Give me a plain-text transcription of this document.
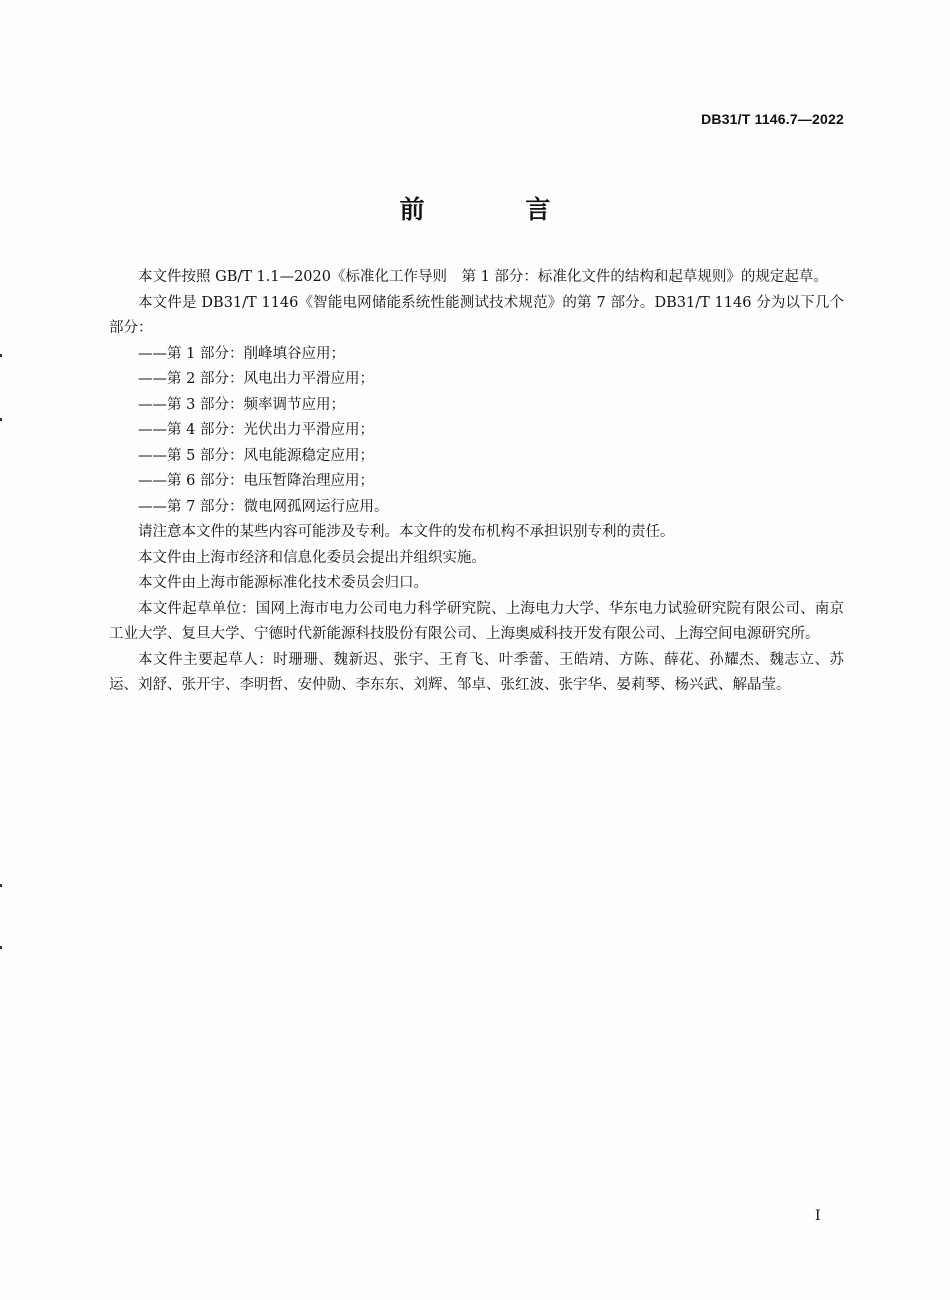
DB31/T 1146.7—2022
前 言

本文件按照 GB/T 1.1—2020《标准化工作导则　第 1 部分：标准化文件的结构和起草规则》的规定起草。

本文件是 DB31/T 1146《智能电网储能系统性能测试技术规范》的第 7 部分。DB31/T 1146 分为以下几个部分：

——第 1 部分：削峰填谷应用；

——第 2 部分：风电出力平滑应用；

——第 3 部分：频率调节应用；

——第 4 部分：光伏出力平滑应用；

——第 5 部分：风电能源稳定应用；

——第 6 部分：电压暂降治理应用；

——第 7 部分：微电网孤网运行应用。

请注意本文件的某些内容可能涉及专利。本文件的发布机构不承担识别专利的责任。

本文件由上海市经济和信息化委员会提出并组织实施。

本文件由上海市能源标准化技术委员会归口。

本文件起草单位：国网上海市电力公司电力科学研究院、上海电力大学、华东电力试验研究院有限公司、南京工业大学、复旦大学、宁德时代新能源科技股份有限公司、上海奥威科技开发有限公司、上海空间电源研究所。

本文件主要起草人：时珊珊、魏新迟、张宇、王育飞、叶季蕾、王皓靖、方陈、薛花、孙耀杰、魏志立、苏运、刘舒、张开宇、李明哲、安仲勋、李东东、刘辉、邹卓、张红波、张宇华、晏莉琴、杨兴武、解晶莹。

I
